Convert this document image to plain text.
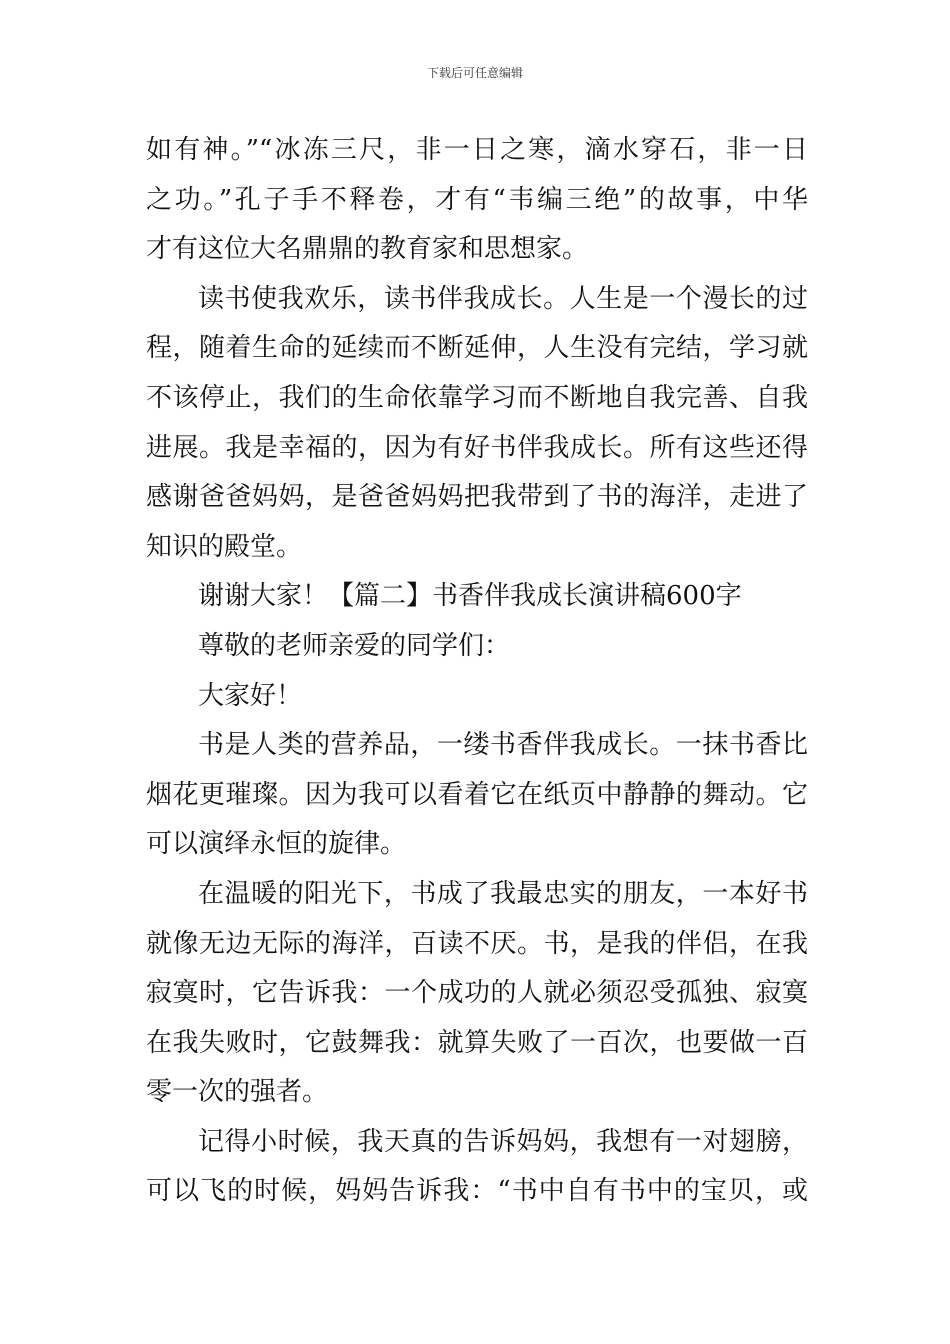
下载后可任意编辑
如有神。”“冰冻三尺，非一日之寒，滴水穿石，非一日
之功。”孔子手不释卷，才有“韦编三绝”的故事，中华
才有这位大名鼎鼎的教育家和思想家。
读书使我欢乐，读书伴我成长。人生是一个漫长的过
程，随着生命的延续而不断延伸，人生没有完结，学习就
不该停止，我们的生命依靠学习而不断地自我完善、自我
进展。我是幸福的，因为有好书伴我成长。所有这些还得
感谢爸爸妈妈，是爸爸妈妈把我带到了书的海洋，走进了
知识的殿堂。
谢谢大家！【篇二】书香伴我成长演讲稿600字
尊敬的老师亲爱的同学们：
大家好！
书是人类的营养品，一缕书香伴我成长。一抹书香比
烟花更璀璨。因为我可以看着它在纸页中静静的舞动。它
可以演绎永恒的旋律。
在温暖的阳光下，书成了我最忠实的朋友，一本好书
就像无边无际的海洋，百读不厌。书，是我的伴侣，在我
寂寞时，它告诉我：一个成功的人就必须忍受孤独、寂寞
在我失败时，它鼓舞我：就算失败了一百次，也要做一百
零一次的强者。
记得小时候，我天真的告诉妈妈，我想有一对翅膀，
可以飞的时候，妈妈告诉我：“书中自有书中的宝贝，或
